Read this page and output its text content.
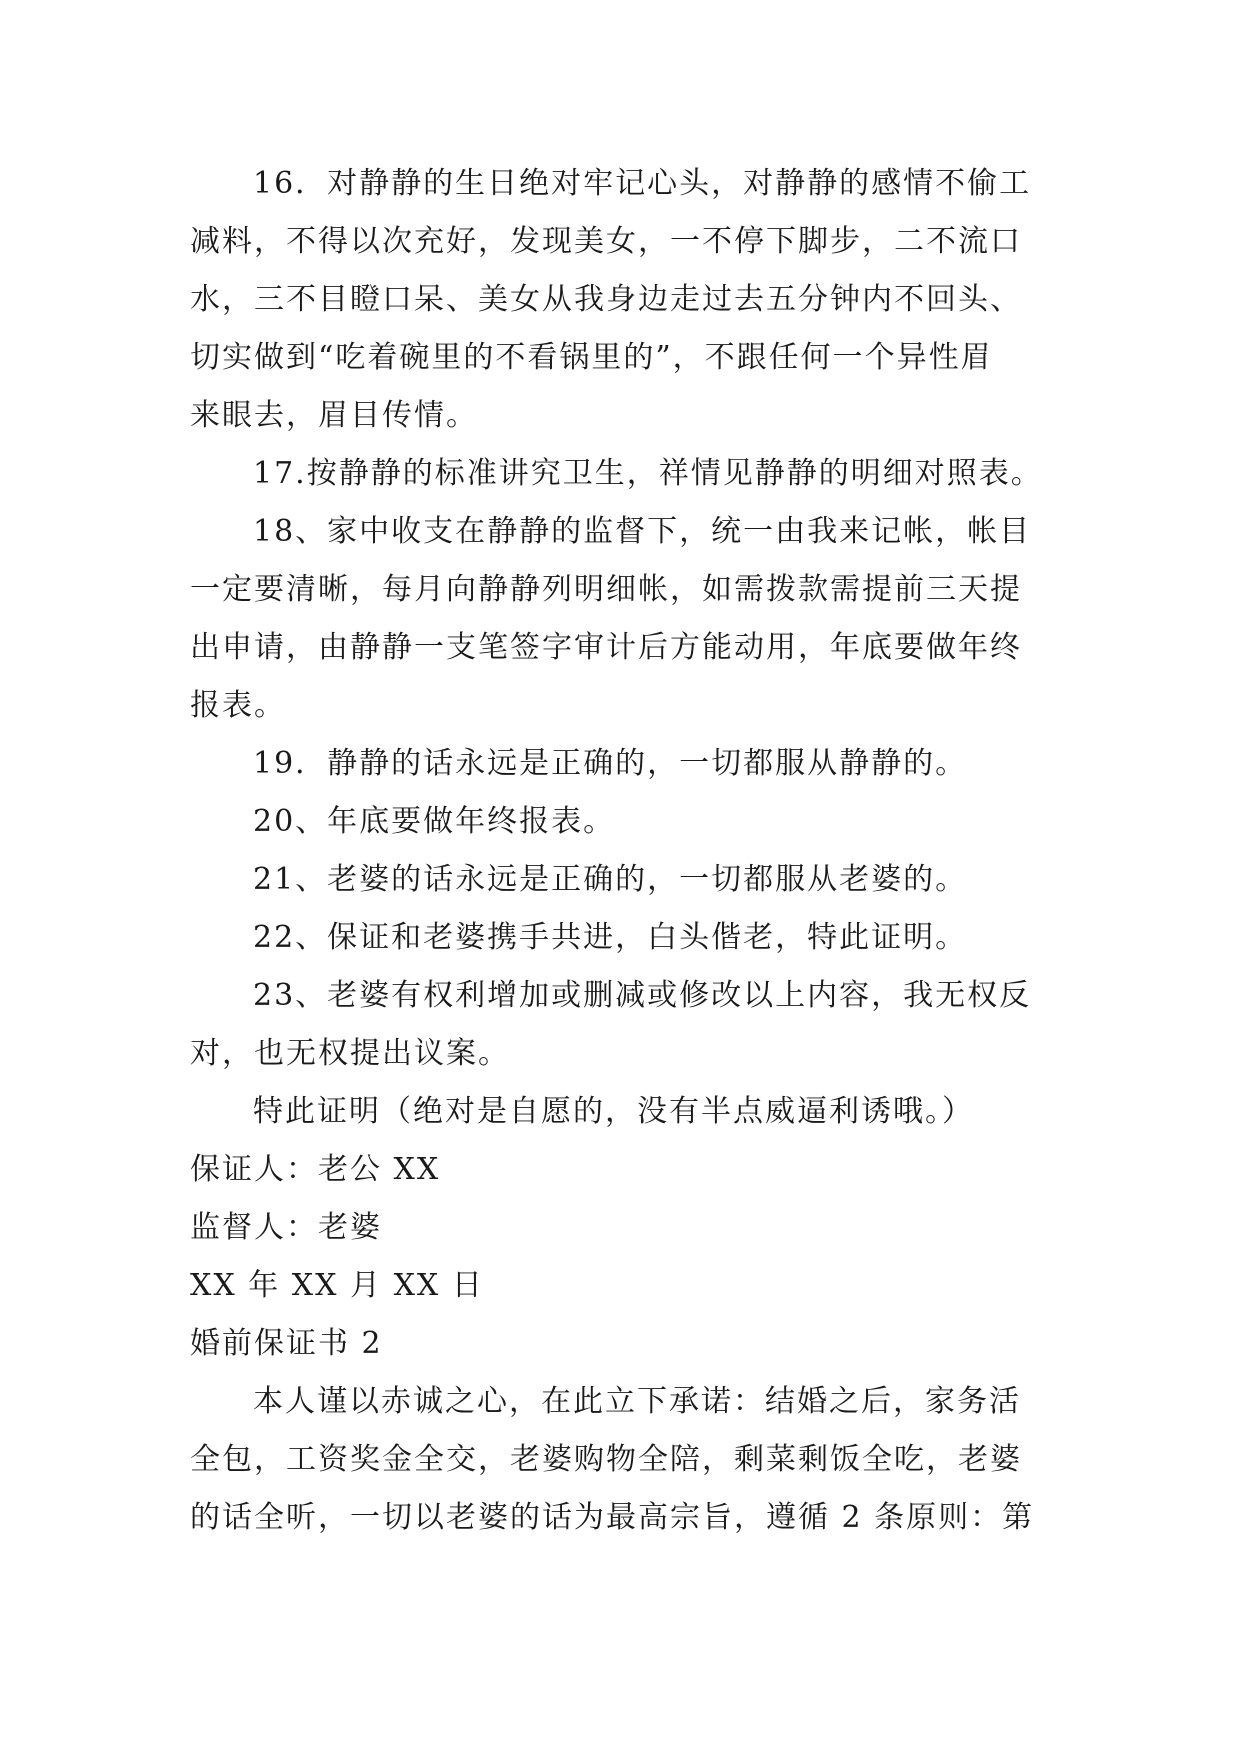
16．对静静的生日绝对牢记心头，对静静的感情不偷工
减料，不得以次充好，发现美女，一不停下脚步，二不流口
水，三不目瞪口呆、美女从我身边走过去五分钟内不回头、
切实做到“吃着碗里的不看锅里的”，不跟任何一个异性眉
来眼去，眉目传情。
17.按静静的标准讲究卫生，祥情见静静的明细对照表。
18、家中收支在静静的监督下，统一由我来记帐，帐目
一定要清晰，每月向静静列明细帐，如需拨款需提前三天提
出申请，由静静一支笔签字审计后方能动用，年底要做年终
报表。
19．静静的话永远是正确的，一切都服从静静的。
20、年底要做年终报表。
21、老婆的话永远是正确的，一切都服从老婆的。
22、保证和老婆携手共进，白头偕老，特此证明。
23、老婆有权利增加或删减或修改以上内容，我无权反
对，也无权提出议案。
特此证明（绝对是自愿的，没有半点威逼利诱哦。）
保证人：老公 XX
监督人：老婆
XX 年 XX 月 XX 日
婚前保证书 2
本人谨以赤诚之心，在此立下承诺：结婚之后，家务活
全包，工资奖金全交，老婆购物全陪，剩菜剩饭全吃，老婆
的话全听，一切以老婆的话为最高宗旨，遵循 2 条原则：第
